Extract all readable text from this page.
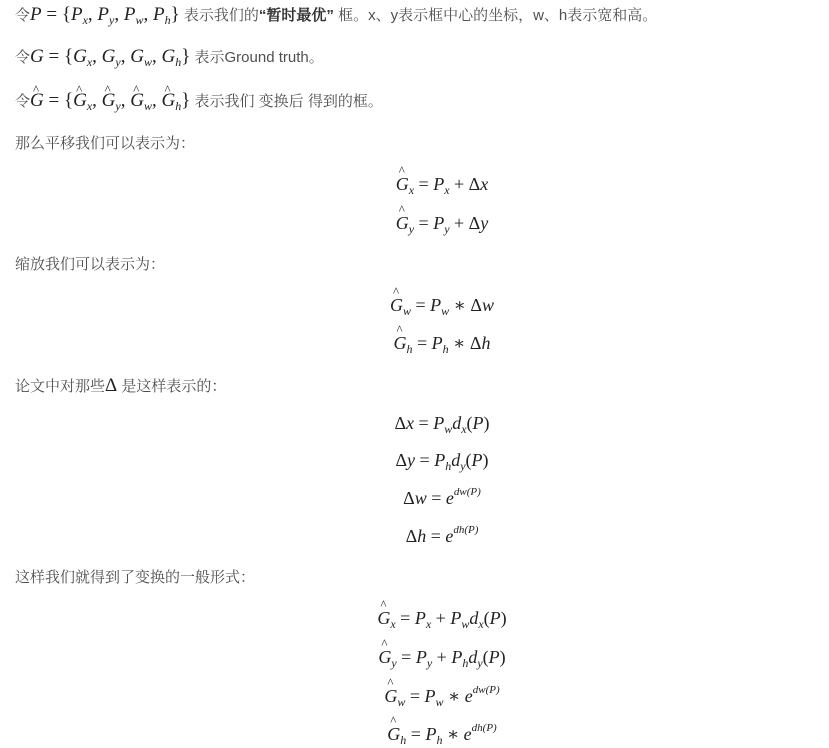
令$P = \{P_x$, $P_y$, $P_w$, $P_h$} 表示我们的“暂时最优” 框。x、y表示框中心的坐标，w、h表示宽和高。
令$G = \{G_x$, $G_y$, $G_w$, $G_h$} 表示Ground truth。
令^ G = {^ $G_x$, ^ $G_y$, ^ $G_w$, ^ $G_h$} 表示我们 变换后 得到的框。
那么平移我们可以表示为：
^ $G_x = P_x + \Delta x$
^ $G_y = P_y + \Delta y$
缩放我们可以表示为：
^ $G_w = P_w$ ∗ Δw
^ $G_h = P_h$ ∗ Δh
论文中对那些Δ 是这样表示的：
$\Delta x = P_wd_x(P)$
$\Delta y = P_hd_y(P)$
$\Delta w = e^{dw(P)}$
$\Delta h = e^{dh(P)}$
这样我们就得到了变换的一般形式：
^ $G_x = P_x + P_wd_x(P)$
^ $G_y = P_y + P_hd_y(P)$
^ $G_w = P_w$ ∗ $e^{dw(P)}$
^ $G_h = P_h$ ∗ $e^{dh(P)}$
